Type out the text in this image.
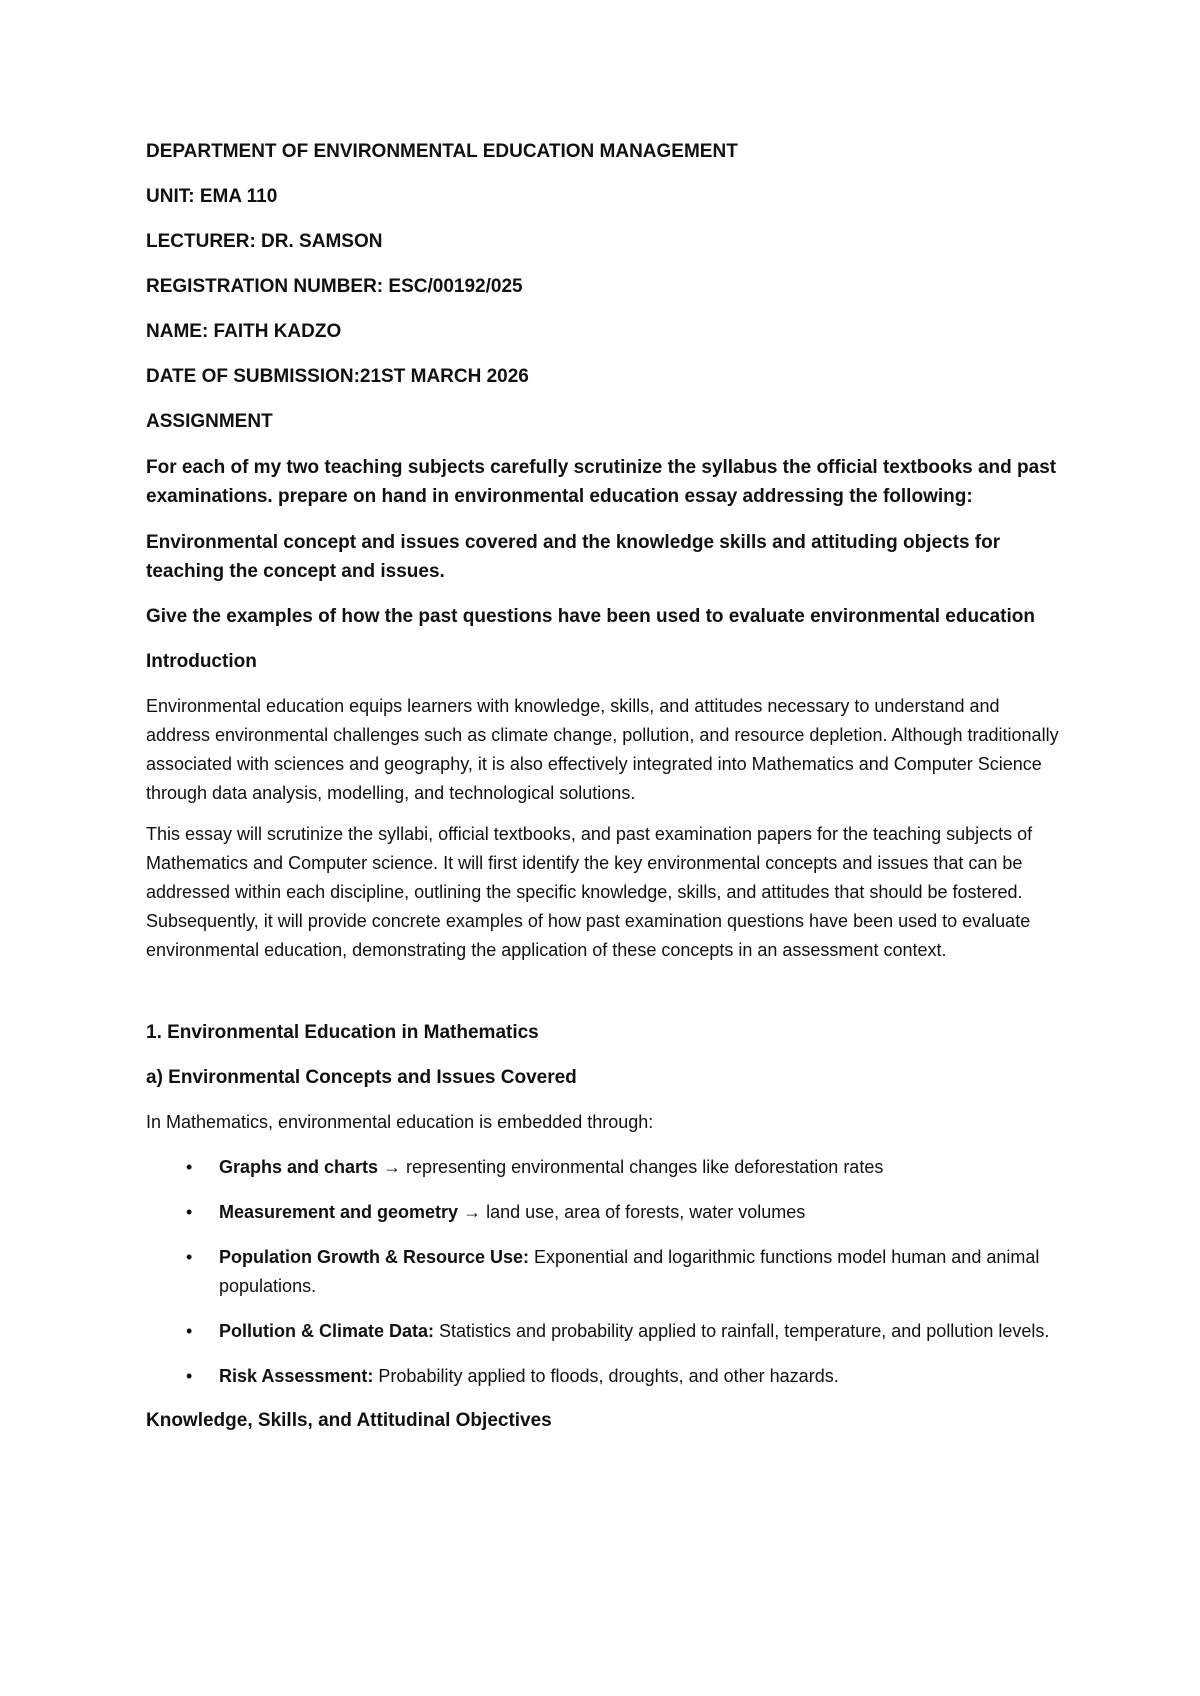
DEPARTMENT OF ENVIRONMENTAL EDUCATION MANAGEMENT

UNIT: EMA 110

LECTURER: DR. SAMSON

REGISTRATION NUMBER: ESC/00192/025

NAME: FAITH KADZO

DATE OF SUBMISSION:21ST MARCH 2026

ASSIGNMENT

For each of my two teaching subjects carefully scrutinize the syllabus the official textbooks and past examinations. prepare on hand in environmental education essay addressing the following:

Environmental concept and issues covered and the knowledge skills and attituding objects for teaching the concept and issues.

Give the examples of how the past questions have been used to evaluate environmental education

Introduction

Environmental education equips learners with knowledge, skills, and attitudes necessary to understand and address environmental challenges such as climate change, pollution, and resource depletion. Although traditionally associated with sciences and geography, it is also effectively integrated into Mathematics and Computer Science through data analysis, modelling, and technological solutions.

This essay will scrutinize the syllabi, official textbooks, and past examination papers for the teaching subjects of Mathematics and Computer science. It will first identify the key environmental concepts and issues that can be addressed within each discipline, outlining the specific knowledge, skills, and attitudes that should be fostered. Subsequently, it will provide concrete examples of how past examination questions have been used to evaluate environmental education, demonstrating the application of these concepts in an assessment context.

1. Environmental Education in Mathematics

a) Environmental Concepts and Issues Covered

In Mathematics, environmental education is embedded through:

• Graphs and charts → representing environmental changes like deforestation rates
• Measurement and geometry → land use, area of forests, water volumes
• Population Growth & Resource Use: Exponential and logarithmic functions model human and animal populations.
• Pollution & Climate Data: Statistics and probability applied to rainfall, temperature, and pollution levels.
• Risk Assessment: Probability applied to floods, droughts, and other hazards.

Knowledge, Skills, and Attitudinal Objectives
